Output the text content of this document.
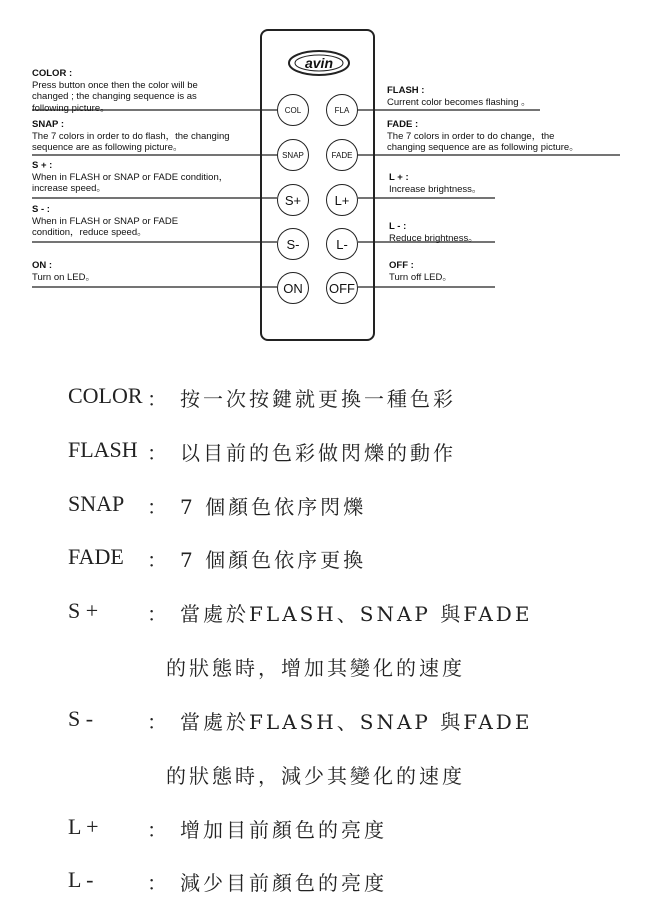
avin
COL	FLA
SNAP	FADE
S+	L+
S-	L-
ON OFF
COLOR :
Press button once then the color will be
changed ; the changing sequence is as
following picture。
SNAP :
The 7 colors in order to do flash，the changing
sequence are as following picture。
S + :
When in FLASH or SNAP or FADE condition，
increase speed。
S - :
When in FLASH or SNAP or FADE
condition，reduce speed。
ON :
Turn on LED。
FLASH :
Current color becomes flashing 。
FADE :
The 7 colors in order to do change，the
changing sequence are as following picture。
L + :
Increase brightness。
L - :
Reduce brightness。
OFF :
Turn off LED。
COLOR ： 按一次按鍵就更換一種色彩
FLASH ： 以目前的色彩做閃爍的動作
SNAP ： 7 個顏色依序閃爍
FADE ： 7 個顏色依序更換
S + ： 當處於FLASH、SNAP 與FADE
的狀態時，增加其變化的速度
S -	： 當處於FLASH、SNAP 與FADE
的狀態時，減少其變化的速度
L + ： 增加目前顏色的亮度
L -	： 減少目前顏色的亮度
